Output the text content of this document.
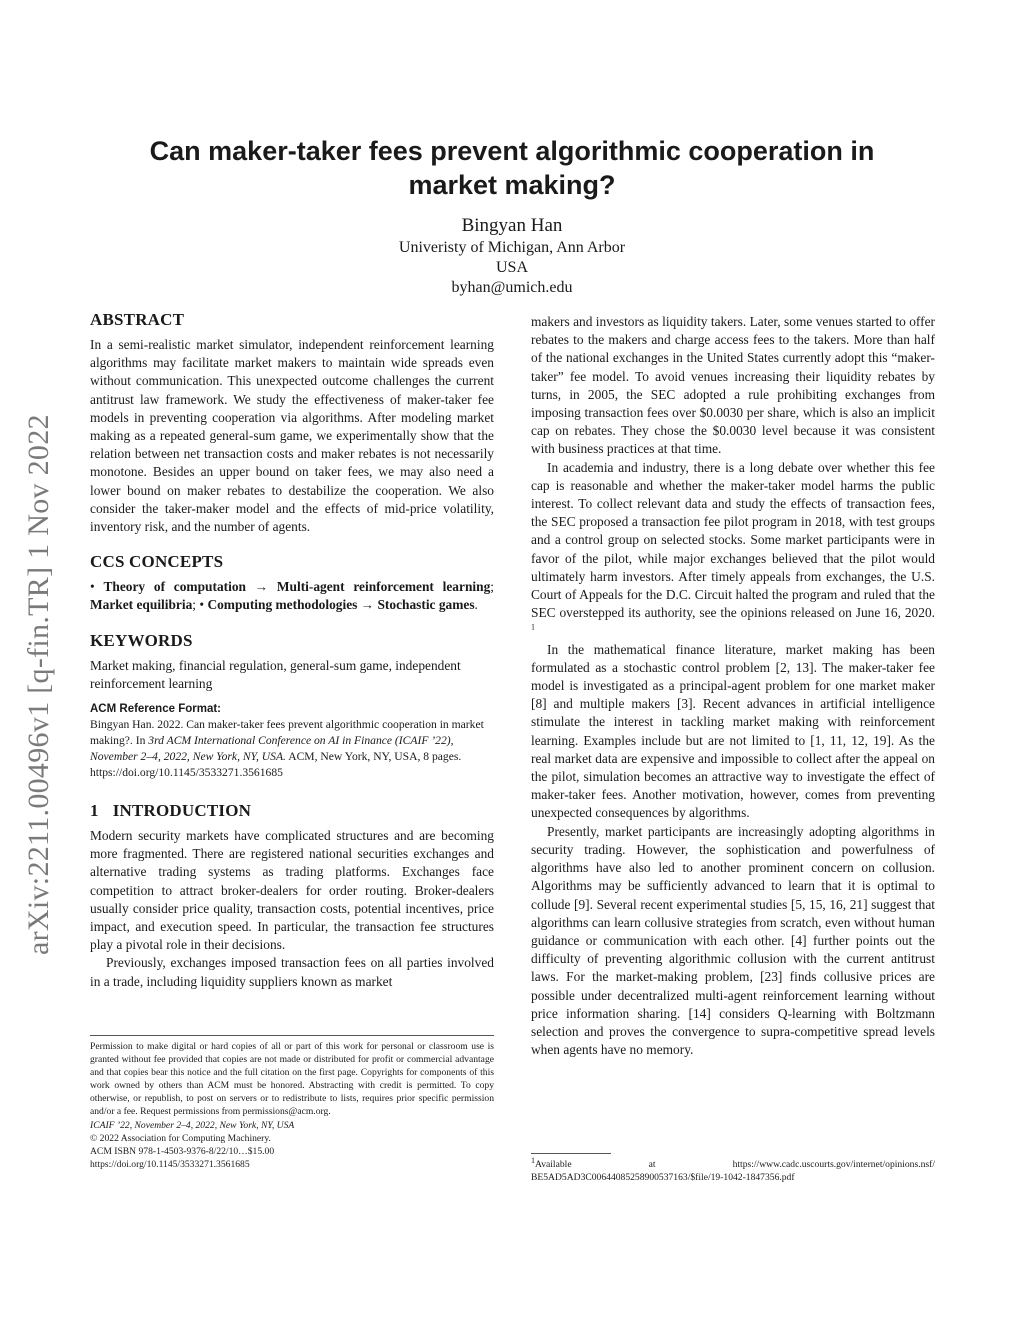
arXiv:2211.00496v1 [q-fin.TR] 1 Nov 2022
Can maker-taker fees prevent algorithmic cooperation in
market making?
Bingyan Han
Univeristy of Michigan, Ann Arbor
USA
byhan@umich.edu
ABSTRACT

In a semi-realistic market simulator, independent reinforcement learning algorithms may facilitate market makers to maintain wide spreads even without communication. This unexpected outcome challenges the current antitrust law framework. We study the effectiveness of maker-taker fee models in preventing cooperation via algorithms. After modeling market making as a repeated general-sum game, we experimentally show that the relation between net transaction costs and maker rebates is not necessarily monotone. Besides an upper bound on taker fees, we may also need a lower bound on maker rebates to destabilize the cooperation. We also consider the taker-maker model and the effects of mid-price volatility, inventory risk, and the number of agents.

CCS CONCEPTS

• Theory of computation → Multi-agent reinforcement learning; Market equilibria; • Computing methodologies → Stochastic games.

KEYWORDS

Market making, financial regulation, general-sum game, independent reinforcement learning

ACM Reference Format:

Bingyan Han. 2022. Can maker-taker fees prevent algorithmic cooperation in market making?. In 3rd ACM International Conference on AI in Finance (ICAIF ’22), November 2–4, 2022, New York, NY, USA. ACM, New York, NY, USA, 8 pages. https://doi.org/10.1145/3533271.3561685

1 INTRODUCTION

Modern security markets have complicated structures and are becoming more fragmented. There are registered national securities exchanges and alternative trading systems as trading platforms. Exchanges face competition to attract broker-dealers for order routing. Broker-dealers usually consider price quality, transaction costs, potential incentives, price impact, and execution speed. In particular, the transaction fee structures play a pivotal role in their decisions.

Previously, exchanges imposed transaction fees on all parties involved in a trade, including liquidity suppliers known as market

Permission to make digital or hard copies of all or part of this work for personal or classroom use is granted without fee provided that copies are not made or distributed for profit or commercial advantage and that copies bear this notice and the full citation on the first page. Copyrights for components of this work owned by others than ACM must be honored. Abstracting with credit is permitted. To copy otherwise, or republish, to post on servers or to redistribute to lists, requires prior specific permission and/or a fee. Request permissions from permissions@acm.org.

ICAIF ’22, November 2–4, 2022, New York, NY, USA
© 2022 Association for Computing Machinery.
ACM ISBN 978-1-4503-9376-8/22/10…$15.00
https://doi.org/10.1145/3533271.3561685

makers and investors as liquidity takers. Later, some venues started to offer rebates to the makers and charge access fees to the takers. More than half of the national exchanges in the United States currently adopt this “maker-taker” fee model. To avoid venues increasing their liquidity rebates by turns, in 2005, the SEC adopted a rule prohibiting exchanges from imposing transaction fees over $0.0030 per share, which is also an implicit cap on rebates. They chose the $0.0030 level because it was consistent with business practices at that time.

In academia and industry, there is a long debate over whether this fee cap is reasonable and whether the maker-taker model harms the public interest. To collect relevant data and study the effects of transaction fees, the SEC proposed a transaction fee pilot program in 2018, with test groups and a control group on selected stocks. Some market participants were in favor of the pilot, while major exchanges believed that the pilot would ultimately harm investors. After timely appeals from exchanges, the U.S. Court of Appeals for the D.C. Circuit halted the program and ruled that the SEC overstepped its authority, see the opinions released on June 16, 2020. $^1$

In the mathematical finance literature, market making has been formulated as a stochastic control problem [2, 13]. The maker-taker fee model is investigated as a principal-agent problem for one market maker [8] and multiple makers [3]. Recent advances in artificial intelligence stimulate the interest in tackling market making with reinforcement learning. Examples include but are not limited to [1, 11, 12, 19]. As the real market data are expensive and impossible to collect after the appeal on the pilot, simulation becomes an attractive way to investigate the effect of maker-taker fees. Another motivation, however, comes from preventing unexpected consequences by algorithms.

Presently, market participants are increasingly adopting algorithms in security trading. However, the sophistication and powerfulness of algorithms have also led to another prominent concern on collusion. Algorithms may be sufficiently advanced to learn that it is optimal to collude [9]. Several recent experimental studies [5, 15, 16, 21] suggest that algorithms can learn collusive strategies from scratch, even without human guidance or communication with each other. [4] further points out the difficulty of preventing algorithmic collusion with the current antitrust laws. For the market-making problem, [23] finds collusive prices are possible under decentralized multi-agent reinforcement learning without price information sharing. [14] considers Q-learning with Boltzmann selection and proves the convergence to supra-competitive spread levels when agents have no memory.

$^1$Available	at	https://www.cadc.uscourts.gov/internet/opinions.nsf/
BE5AD5AD3C00644085258900537163/$file/19-1042-1847356.pdf
